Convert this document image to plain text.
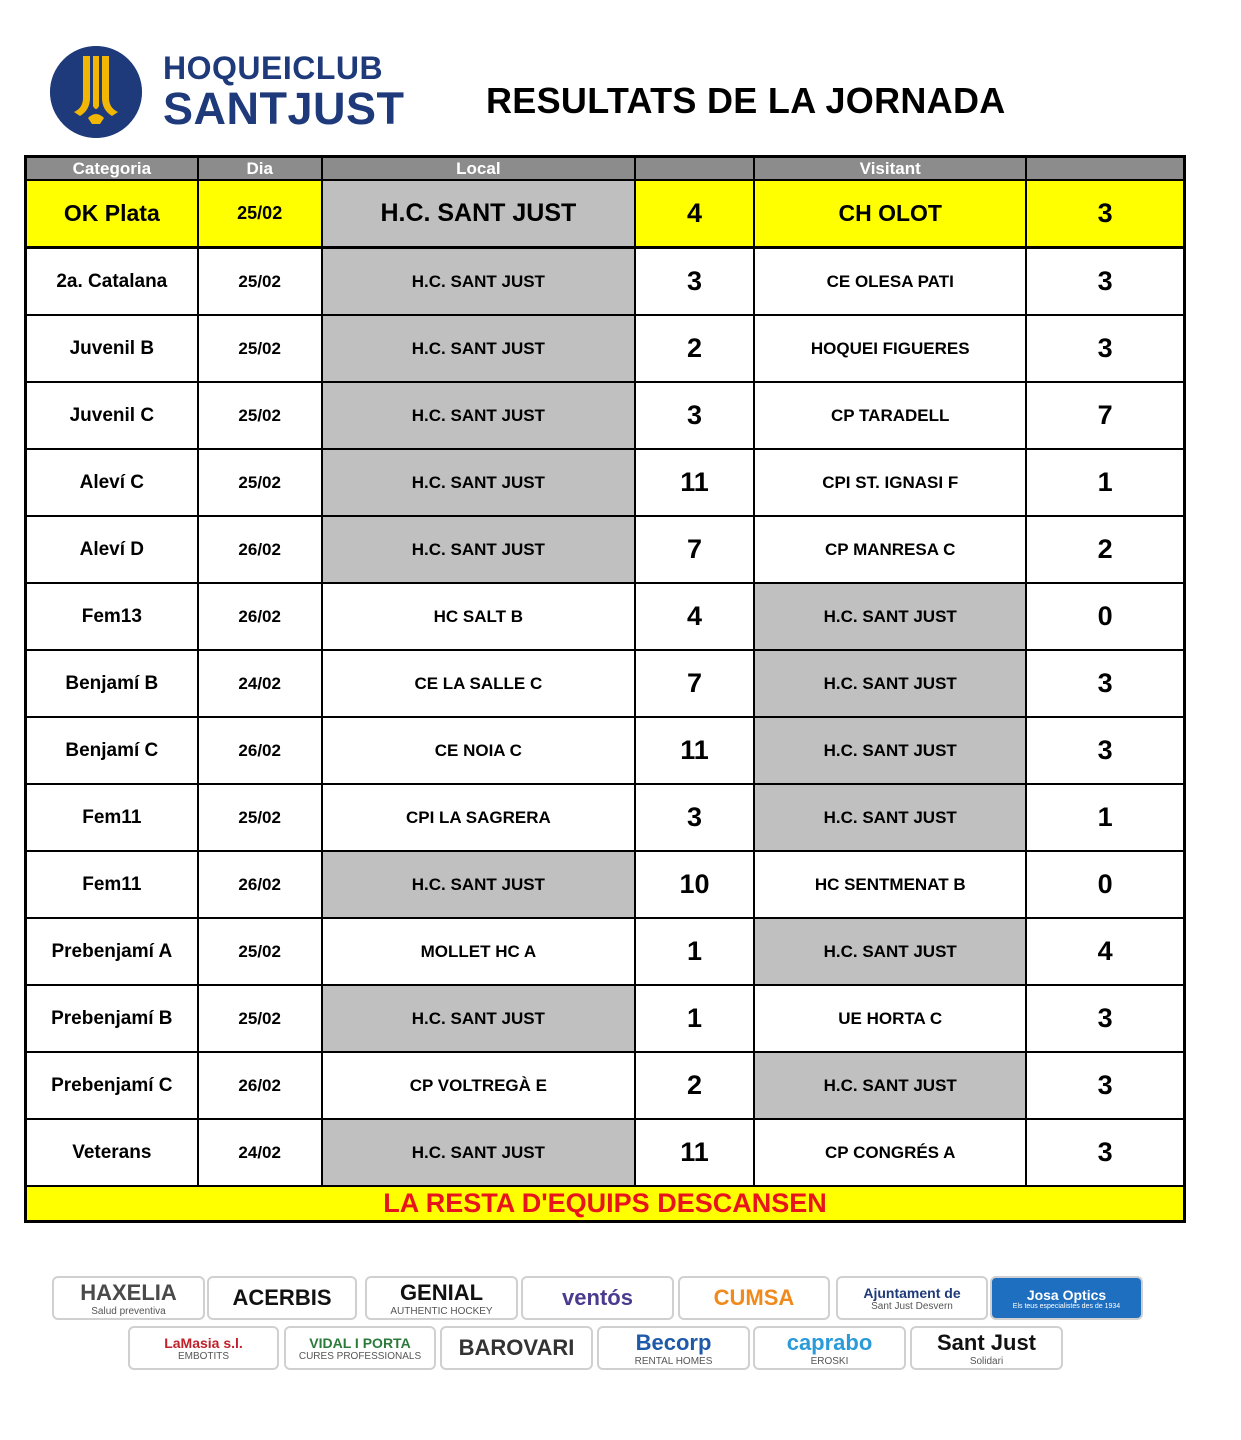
HOQUEICLUB
SANTJUST RESULTATS DE LA JORNADA
Categoria	Dia	Local		Visitant	
OK Plata	25/02	H.C. SANT JUST	4	CH OLOT	3
2a. Catalana	25/02	H.C. SANT JUST	3	CE OLESA PATI	3
Juvenil B	25/02	H.C. SANT JUST	2	HOQUEI FIGUERES	3
Juvenil C	25/02	H.C. SANT JUST	3	CP TARADELL	7
Aleví C	25/02	H.C. SANT JUST	11	CPI ST. IGNASI F	1
Aleví D	26/02	H.C. SANT JUST	7	CP MANRESA C	2
Fem13	26/02	HC SALT B	4	H.C. SANT JUST	0
Benjamí B	24/02	CE LA SALLE C	7	H.C. SANT JUST	3
Benjamí C	26/02	CE NOIA C	11	H.C. SANT JUST	3
Fem11	25/02	CPI LA SAGRERA	3	H.C. SANT JUST	1
Fem11	26/02	H.C. SANT JUST	10	HC SENTMENAT B	0
Prebenjamí A	25/02	MOLLET HC A	1	H.C. SANT JUST	4
Prebenjamí B	25/02	H.C. SANT JUST	1	UE HORTA C	3
Prebenjamí C	26/02	CP VOLTREGÀ E	2	H.C. SANT JUST	3
Veterans	24/02	H.C. SANT JUST	11	CP CONGRÉS A	3
LA RESTA D'EQUIPS DESCANSEN					
HAXELIA
Salud preventiva
ACERBIS	GENIAL
AUTHENTIC HOCKEY
ventós	CUMSA	Ajuntament de
Sant Just Desvern
Josa Optics
Els teus especialistes des de 1934
LaMasia s.l.
EMBOTITS
VIDAL I PORTA
CURES PROFESSIONALS BAROVARI	Becorp
RENTAL HOMES
caprabo
EROSKI
Sant Just
Solidari
